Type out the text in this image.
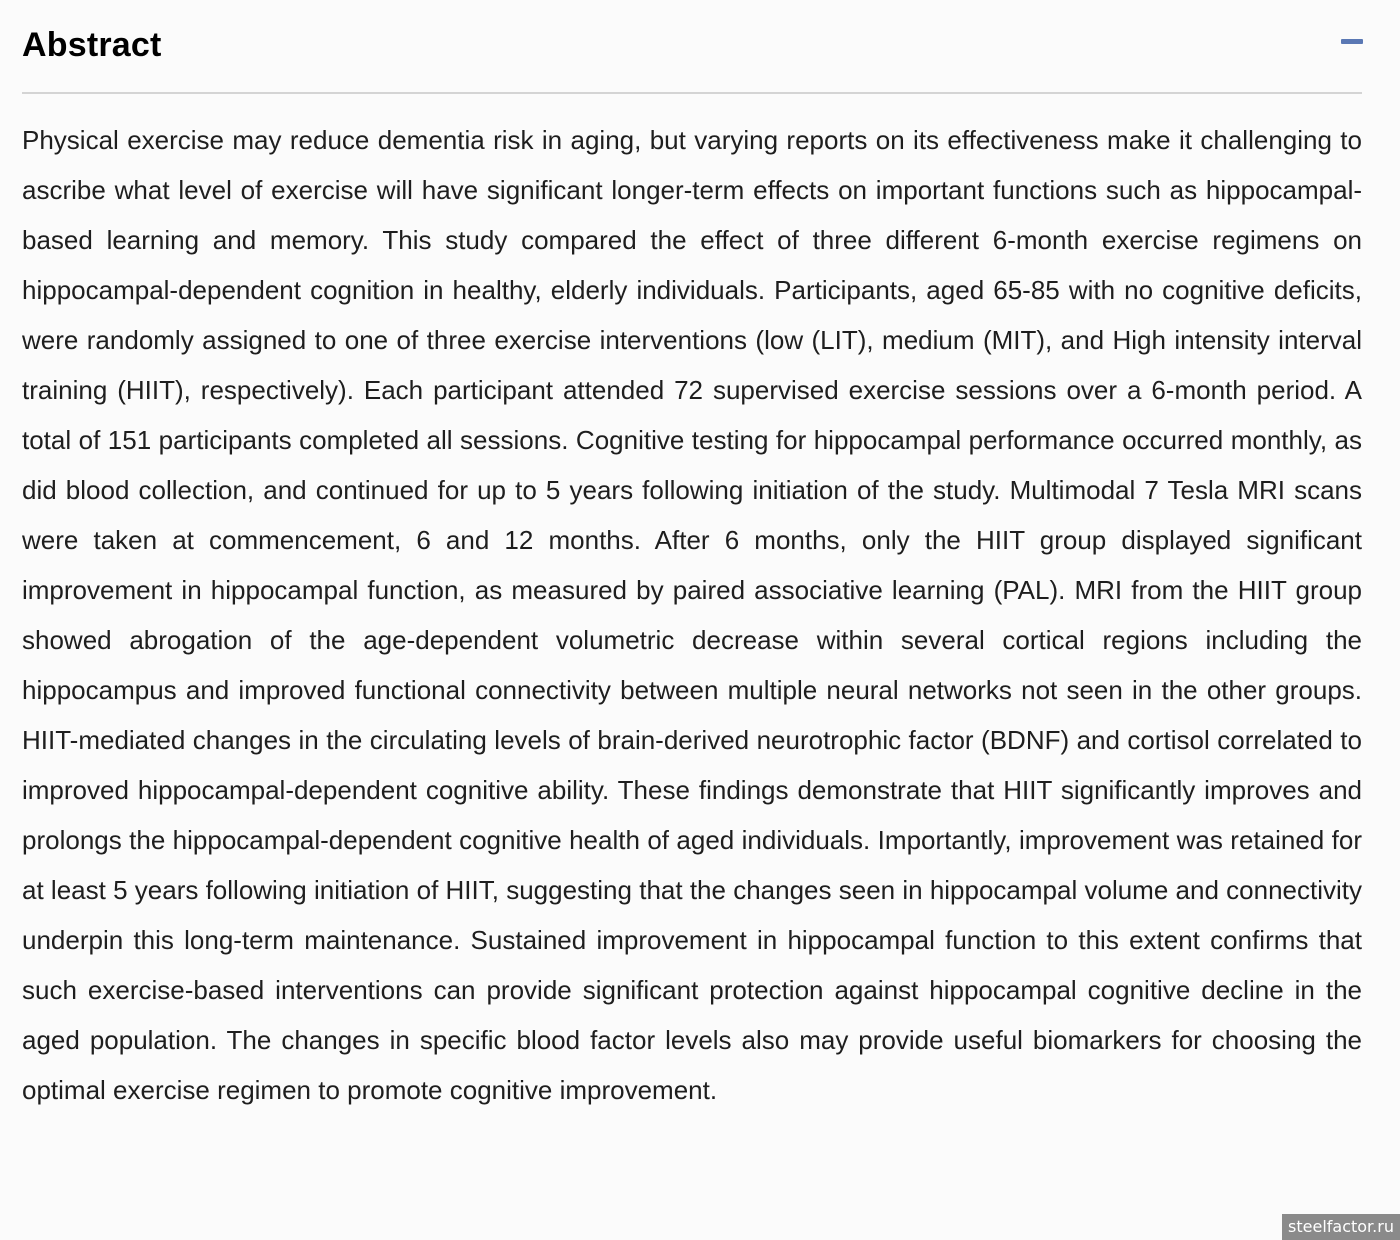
Abstract

Physical exercise may reduce dementia risk in aging, but varying reports on its effectiveness make it challenging to ascribe what level of exercise will have significant longer-term effects on important functions such as hippocampal-based learning and memory. This study compared the effect of three different 6-month exercise regimens on hippocampal-dependent cognition in healthy, elderly individuals. Participants, aged 65-85 with no cognitive deficits, were randomly assigned to one of three exercise interventions (low (LIT), medium (MIT), and High intensity interval training (HIIT), respectively). Each participant attended 72 supervised exercise sessions over a 6-month period. A total of 151 participants completed all sessions. Cognitive testing for hippocampal performance occurred monthly, as did blood collection, and continued for up to 5 years following initiation of the study. Multimodal 7 Tesla MRI scans were taken at commencement, 6 and 12 months. After 6 months, only the HIIT group displayed significant improvement in hippocampal function, as measured by paired associative learning (PAL). MRI from the HIIT group showed abrogation of the age-dependent volumetric decrease within several cortical regions including the hippocampus and improved functional connectivity between multiple neural networks not seen in the other groups. HIIT-mediated changes in the circulating levels of brain-derived neurotrophic factor (BDNF) and cortisol correlated to improved hippocampal-dependent cognitive ability. These findings demonstrate that HIIT significantly improves and prolongs the hippocampal-dependent cognitive health of aged individuals. Importantly, improvement was retained for at least 5 years following initiation of HIIT, suggesting that the changes seen in hippocampal volume and connectivity underpin this long-term maintenance. Sustained improvement in hippocampal function to this extent confirms that such exercise-based interventions can provide significant protection against hippocampal cognitive decline in the aged population. The changes in specific blood factor levels also may provide useful biomarkers for choosing the optimal exercise regimen to promote cognitive improvement.

steelfactor.ru
